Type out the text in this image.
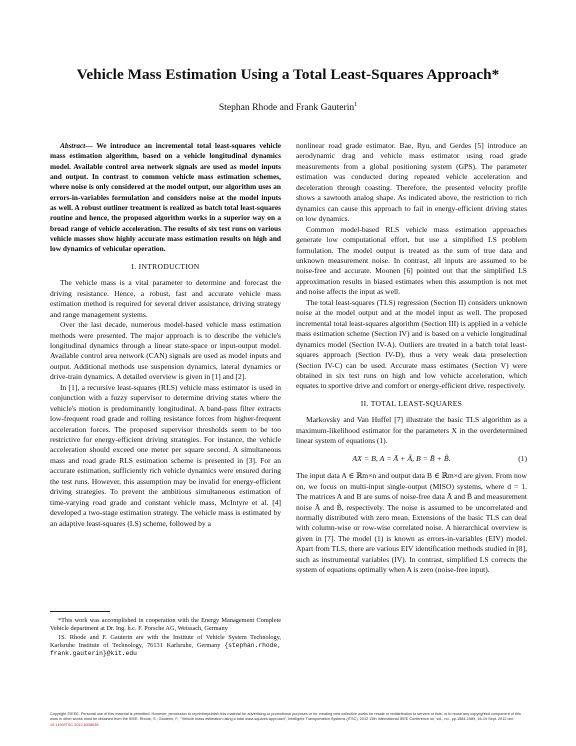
Vehicle Mass Estimation Using a Total Least-Squares Approach*
Stephan Rhode and Frank Gauterin$^1$

Abstract— We introduce an incremental total least-squares vehicle mass estimation algorithm, based on a vehicle longitudinal dynamics model. Available control area network signals are used as model inputs and output. In contrast to common vehicle mass estimation schemes, where noise is only considered at the model output, our algorithm uses an errors-in-variables formulation and considers noise at the model inputs as well. A robust outliner treatment is realized as batch total least-squares routine and hence, the proposed algorithm works in a superior way on a broad range of vehicle acceleration. The results of six test runs on various vehicle masses show highly accurate mass estimation results on high and low dynamics of vehicular operation.

I. INTRODUCTION

The vehicle mass is a vital parameter to determine and forecast the driving resistance. Hence, a robust, fast and accurate vehicle mass estimation method is required for several driver assistance, driving strategy and range management systems.

Over the last decade, numerous model-based vehicle mass estimation methods were presented. The major approach is to describe the vehicle's longitudinal dynamics through a linear state-space or input-output model. Available control area network (CAN) signals are used as model inputs and output. Additional methods use suspension dynamics, lateral dynamics or drive-train dynamics. A detailed overview is given in [1] and [2].

In [1], a recursive least-squares (RLS) vehicle mass estimator is used in conjunction with a fuzzy supervisor to determine driving states where the vehicle's motion is predominantly longitudinal. A band-pass filter extracts low-frequent road grade and rolling resistance forces from higher-frequent acceleration forces. The proposed supervisor thresholds seem to be too restrictive for energy-efficient driving strategies. For instance, the vehicle acceleration should exceed one meter per square second. A simultaneous mass and road grade RLS estimation scheme is presented in [3]. For an accurate estimation, sufficiently rich vehicle dynamics were ensured during the test runs. However, this assumption may be invalid for energy-efficient driving strategies. To prevent the ambitious simultaneous estimation of time-varying road grade and constant vehicle mass, McIntyre et al. [4] developed a two-stage estimation strategy. The vehicle mass is estimated by an adaptive least-squares (LS) scheme, followed by a

*This work was accomplished in cooperation with the Energy Management Complete Vehicle department at Dr. Ing. h.c. F. Porsche AG, Weissach, Germany

1S. Rhode and F. Gauterin are with the Institute of Vehicle System Technology, Karlsruhe Institute of Technology, 76131 Karlsruhe, Germany {stephan.rhode, frank.gauterin}@kit.edu

nonlinear road grade estimator. Bae, Ryu, and Gerdes [5] introduce an aerodynamic drag and vehicle mass estimator using road grade measurements from a global positioning system (GPS). The parameter estimation was conducted during repeated vehicle acceleration and deceleration through coasting. Therefore, the presented velocity profile shows a sawtooth analog shape. As indicated above, the restriction to rich dynamics can cause this approach to fail in energy-efficient driving states on low dynamics.

Common model-based RLS vehicle mass estimation approaches generate low computational effort, but use a simplified LS problem formulation. The model output is treated as the sum of true data and unknown measurement noise. In contrast, all inputs are assumed to be noise-free and accurate. Moonen [6] pointed out that the simplified LS approximation results in biased estimates when this assumption is not met and noise affects the input as well.

The total least-squares (TLS) regression (Section II) considers unknown noise at the model output and at the model input as well. The proposed incremental total least-squares algorithm (Section III) is applied in a vehicle mass estimation scheme (Section IV) and is based on a vehicle longitudinal dynamics model (Section IV-A). Outliers are treated in a batch total least-squares approach (Section IV-D), thus a very weak data preselection (Section IV-C) can be used. Accurate mass estimates (Section V) were obtained in six test runs on high and low vehicle acceleration, which equates to sportive drive and comfort or energy-efficient drive, respectively.

II. TOTAL LEAST-SQUARES

Markovsky and Van Huffel [7] illustrate the basic TLS algorithm as a maximum-likelihood estimator for the parameters X in the overdetermined linear system of equations (1).

AX = B, A = Ā + Ã, B = B̄ + B̃.	(1)

The input data A ∈ ℝm×n and output data B ∈ ℝm×d are given. From now on, we focus on multi-input single-output (MISO) systems, where d = 1. The matrices A and B are sums of noise-free data Ā and B̄ and measurement noise Ã and B̃, respectively. The noise is assumed to be uncorrelated and normally distributed with zero mean. Extensions of the basic TLS can deal with column-wise or row-wise correlated noise. A hierarchical overview is given in [7]. The model (1) is known as errors-in-variables (EIV) model. Apart from TLS, there are various EIV identification methods studied in [8], such as instrumental variables (IV). In contrast, simplified LS corrects the system of equations optimally when A is zero (noise-free input).

Copyright ©IEEE. Personal use of this material is permitted. However, permission to reprint/republish this material for advertising or promotional purposes or for creating new collective works for resale or redistribution to servers or lists, or to reuse any copyrighted component of this work in other works must be obtained from the IEEE. Rhode, S.; Gauterin, F., "Vehicle mass estimation using a total least-squares approach", Intelligent Transportation Systems (ITSC), 2012 15th International IEEE Conference on, vol., no., pp.1584-1589, 16-19 Sept. 2012 doi: 10.1109/ITSC.2012.6338638
